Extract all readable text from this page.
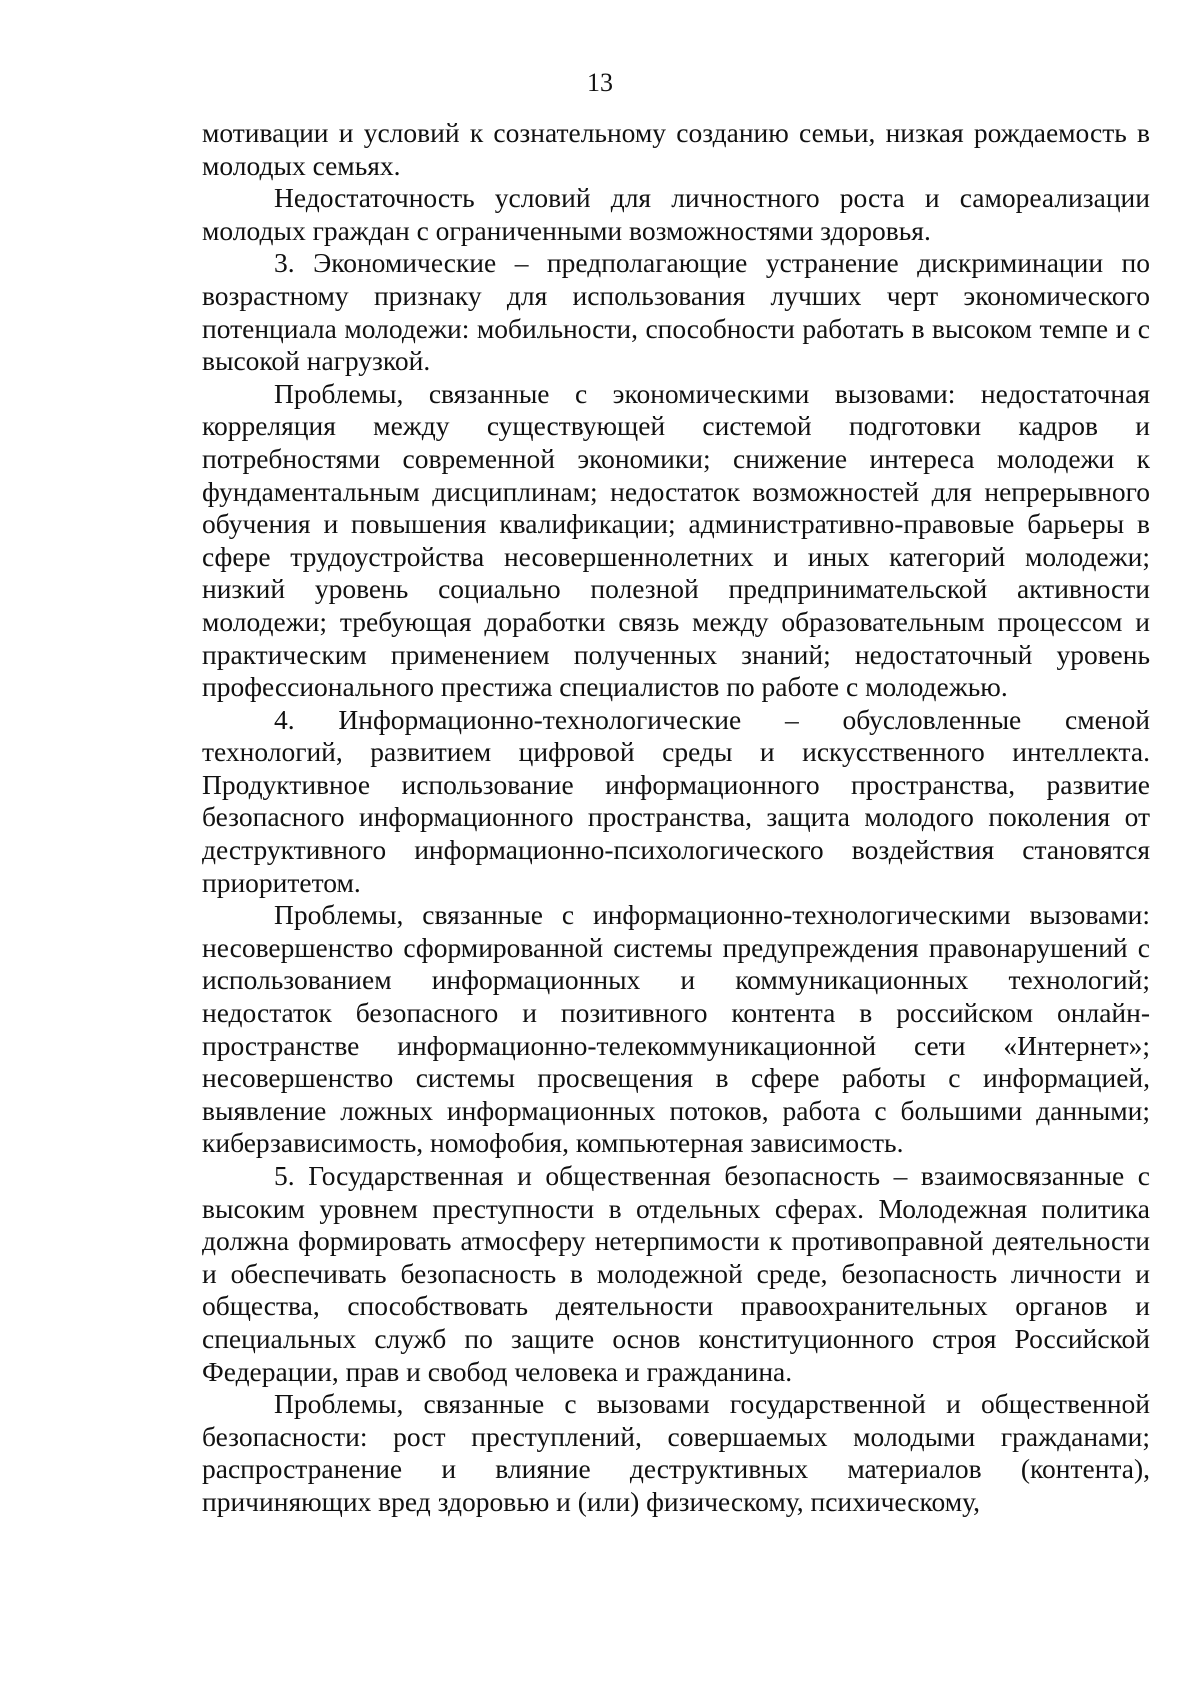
13

мотивации и условий к сознательному созданию семьи, низкая рождаемость в молодых семьях.

Недостаточность условий для личностного роста и самореализации молодых граждан с ограниченными возможностями здоровья.

3. Экономические – предполагающие устранение дискриминации по возрастному признаку для использования лучших черт экономического потенциала молодежи: мобильности, способности работать в высоком темпе и с высокой нагрузкой.

Проблемы, связанные с экономическими вызовами: недостаточная корреляция между существующей системой подготовки кадров и потребностями современной экономики; снижение интереса молодежи к фундаментальным дисциплинам; недостаток возможностей для непрерывного обучения и повышения квалификации; административно-правовые барьеры в сфере трудоустройства несовершеннолетних и иных категорий молодежи; низкий уровень социально полезной предпринимательской активности молодежи; требующая доработки связь между образовательным процессом и практическим применением полученных знаний; недостаточный уровень профессионального престижа специалистов по работе с молодежью.

4. Информационно-технологические – обусловленные сменой технологий, развитием цифровой среды и искусственного интеллекта. Продуктивное использование информационного пространства, развитие безопасного информационного пространства, защита молодого поколения от деструктивного информационно-психологического воздействия становятся приоритетом.

Проблемы, связанные с информационно-технологическими вызовами: несовершенство сформированной системы предупреждения правонарушений с использованием информационных и коммуникационных технологий; недостаток безопасного и позитивного контента в российском онлайн-пространстве информационно-телекоммуникационной сети «Интернет»; несовершенство системы просвещения в сфере работы с информацией, выявление ложных информационных потоков, работа с большими данными; киберзависимость, номофобия, компьютерная зависимость.

5. Государственная и общественная безопасность – взаимосвязанные с высоким уровнем преступности в отдельных сферах. Молодежная политика должна формировать атмосферу нетерпимости к противоправной деятельности и обеспечивать безопасность в молодежной среде, безопасность личности и общества, способствовать деятельности правоохранительных органов и специальных служб по защите основ конституционного строя Российской Федерации, прав и свобод человека и гражданина.

Проблемы, связанные с вызовами государственной и общественной безопасности: рост преступлений, совершаемых молодыми гражданами; распространение и влияние деструктивных материалов (контента), причиняющих вред здоровью и (или) физическому, психическому,
